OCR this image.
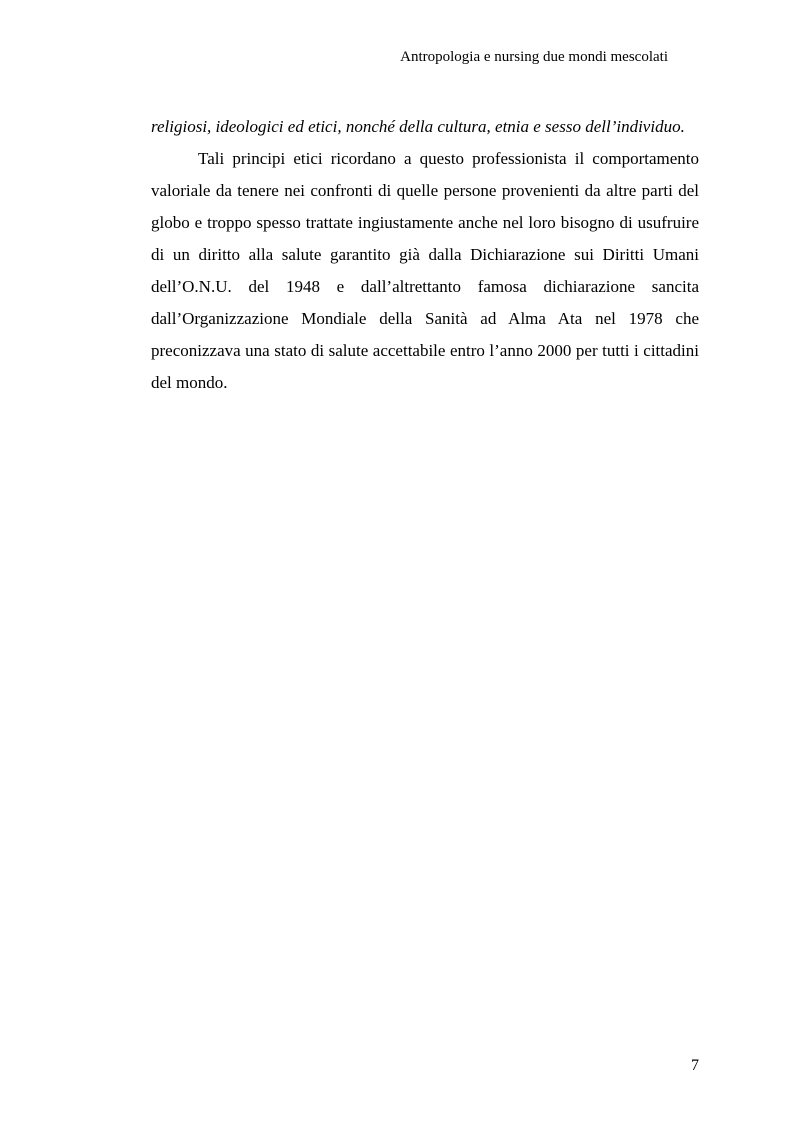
Antropologia e nursing due mondi mescolati

religiosi, ideologici ed etici, nonché della cultura, etnia e sesso dell’individuo.

Tali principi etici ricordano a questo professionista il comportamento valoriale da tenere nei confronti di quelle persone provenienti da altre parti del globo e troppo spesso trattate ingiustamente anche nel loro bisogno di usufruire di un diritto alla salute garantito già dalla Dichiarazione sui Diritti Umani dell’O.N.U. del 1948 e dall’altrettanto famosa dichiarazione sancita dall’Organizzazione Mondiale della Sanità ad Alma Ata nel 1978 che preconizzava una stato di salute accettabile entro l’anno 2000 per tutti i cittadini del mondo.

7
